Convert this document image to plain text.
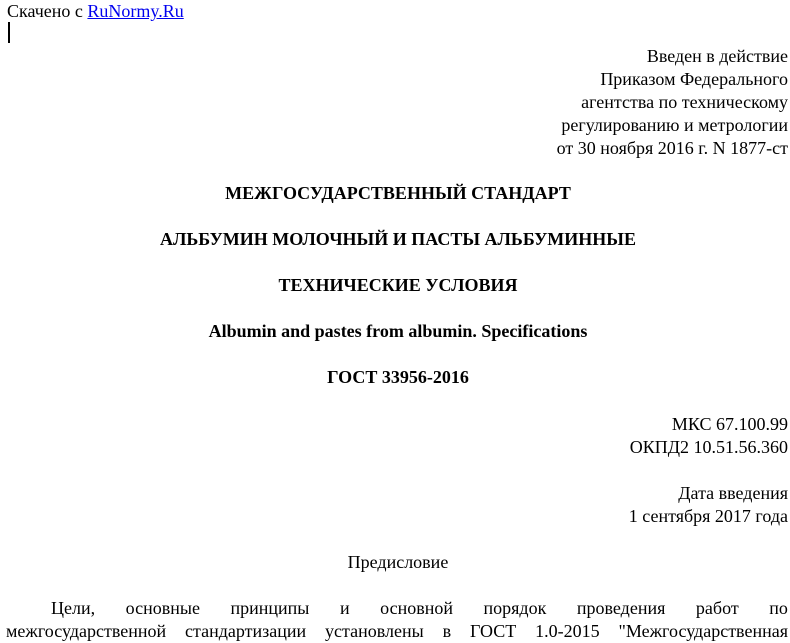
Скачено с RuNormy.Ru
Введен в действие
Приказом Федерального
агентства по техническому
регулированию и метрологии
от 30 ноября 2016 г. N 1877-ст
МЕЖГОСУДАРСТВЕННЫЙ СТАНДАРТ
АЛЬБУМИН МОЛОЧНЫЙ И ПАСТЫ АЛЬБУМИННЫЕ
ТЕХНИЧЕСКИЕ УСЛОВИЯ
Albumin and pastes from albumin. Specifications
ГОСТ 33956-2016
МКС 67.100.99
ОКПД2 10.51.56.360
Дата введения
1 сентября 2017 года
Предисловие
Цели, основные принципы и основной порядок проведения работ по
межгосударственной стандартизации установлены в ГОСТ 1.0-2015 "Межгосударственная
